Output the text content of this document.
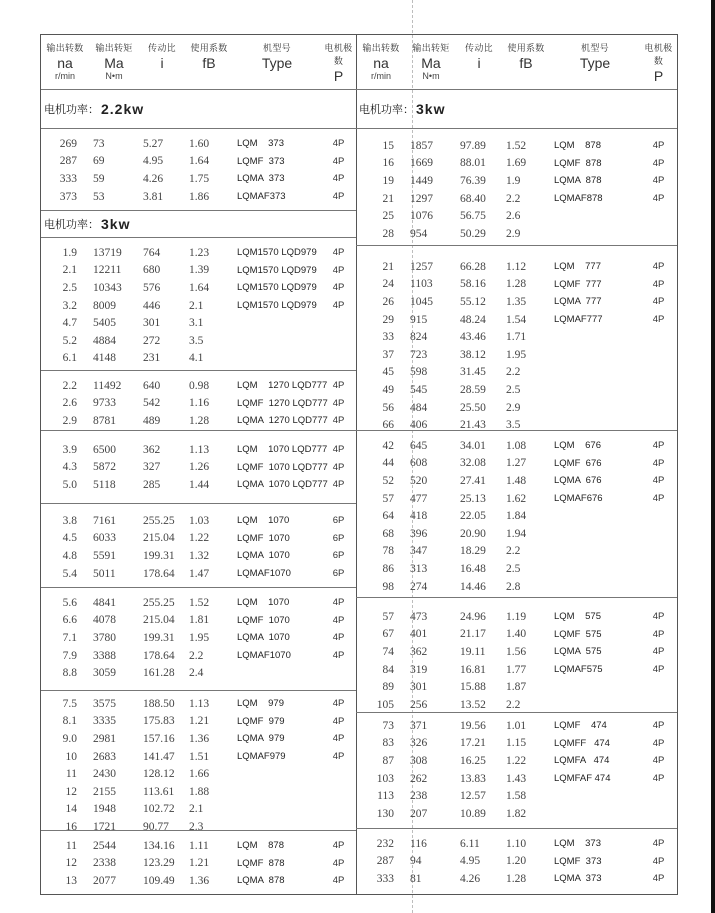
输出转数
na
r/min
输出转矩
Ma
N•m
传动比
i
使用系数
fB
机型号
Type
电机极数
P
电机功率： 2.2kw
电机功率： 3kw
269	73	5.27	1.60	LQM    373	4P
287	69	4.95	1.64	LQMF  373	4P
333	59	4.26	1.75	LQMA  373	4P
373	53	3.81	1.86	LQMAF373	4P
1.9	13719	764	1.23	LQM1570 LQD979	4P
2.1	12211	680	1.39	LQM1570 LQD979	4P
2.5	10343	576	1.64	LQM1570 LQD979	4P
3.2	8009	446	2.1	LQM1570 LQD979	4P
4.7	5405	301	3.1
5.2	4884	272	3.5
6.1	4148	231	4.1
2.2	11492	640	0.98	LQM    1270 LQD777 4P
2.6	9733	542	1.16	LQMF  1270 LQD777 4P
2.9	8781	489	1.28	LQMA  1270 LQD777 4P
3.9	6500	362	1.13	LQM    1070 LQD777 4P
4.3	5872	327	1.26	LQMF  1070 LQD777 4P
5.0	5118	285	1.44	LQMA  1070 LQD777 4P
3.8	7161	255.25	1.03	LQM    1070	6P
4.5	6033	215.04	1.22	LQMF  1070	6P
4.8	5591	199.31	1.32	LQMA  1070	6P
5.4	5011	178.64	1.47	LQMAF1070	6P
5.6	4841	255.25	1.52	LQM    1070	4P
6.6	4078	215.04	1.81	LQMF  1070	4P
7.1	3780	199.31	1.95	LQMA  1070	4P
7.9	3388	178.64	2.2	LQMAF1070	4P
8.8	3059	161.28	2.4
7.5	3575	188.50	1.13	LQM    979	4P
8.1	3335	175.83	1.21	LQMF  979	4P
9.0	2981	157.16	1.36	LQMA  979	4P
10	2683	141.47	1.51	LQMAF979	4P
11	2430	128.12	1.66
12	2155	113.61	1.88
14	1948	102.72	2.1
16	1721	90.77	2.3
11	2544	134.16	1.11	LQM    878	4P
12	2338	123.29	1.21	LQMF  878	4P
13	2077	109.49	1.36	LQMA  878	4P
输出转数
na
r/min
输出转矩
Ma
N•m
传动比
i
使用系数
fB
机型号
Type
电机极数
P
电机功率： 3kw
15	1857	97.89	1.52	LQM    878	4P
16	1669	88.01	1.69	LQMF  878	4P
19	1449	76.39	1.9	LQMA  878	4P
21	1297	68.40	2.2	LQMAF878	4P
25	1076	56.75	2.6
28	954	50.29	2.9
21	1257	66.28	1.12	LQM    777	4P
24	1103	58.16	1.28	LQMF  777	4P
26	1045	55.12	1.35	LQMA  777	4P
29	915	48.24	1.54	LQMAF777	4P
33	824	43.46	1.71
37	723	38.12	1.95
45	598	31.45	2.2
49	545	28.59	2.5
56	484	25.50	2.9
66	406	21.43	3.5
42	645	34.01	1.08	LQM    676	4P
44	608	32.08	1.27	LQMF  676	4P
52	520	27.41	1.48	LQMA  676	4P
57	477	25.13	1.62	LQMAF676	4P
64	418	22.05	1.84
68	396	20.90	1.94
78	347	18.29	2.2
86	313	16.48	2.5
98	274	14.46	2.8
57	473	24.96	1.19	LQM    575	4P
67	401	21.17	1.40	LQMF  575	4P
74	362	19.11	1.56	LQMA  575	4P
84	319	16.81	1.77	LQMAF575	4P
89	301	15.88	1.87
105	256	13.52	2.2
73	371	19.56	1.01	LQMF    474	4P
83	326	17.21	1.15	LQMFF   474	4P
87	308	16.25	1.22	LQMFA   474	4P
103	262	13.83	1.43	LQMFAF 474	4P
113	238	12.57	1.58
130	207	10.89	1.82
232	116	6.11	1.10	LQM    373	4P
287	94	4.95	1.20	LQMF  373	4P
333	81	4.26	1.28	LQMA  373	4P
